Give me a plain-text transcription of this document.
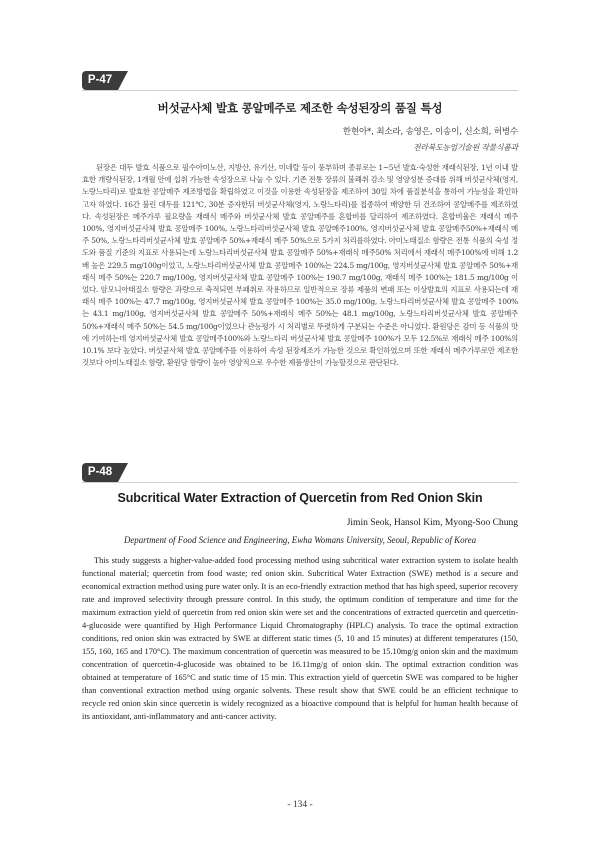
P-47
버섯균사체 발효 콩알메주로 제조한 속성된장의 품질 특성
한현아*, 최소라, 송영은, 이송이, 신소희, 허병수
전라북도농업기술원 작물식품과

된장은 대두 발효 식품으로 필수아미노산, 지방산, 유기산, 미네랄 등이 풍부하며 종류로는 1~5년 발효·숙성한 재래식된장, 1년 이내 발효한 개량식된장, 1개월 안에 섭취 가능한 속성장으로 나눌 수 있다. 기존 전통 장류의 불쾌취 감소 및 영양성분 증대를 위해 버섯균사체(영지, 노랑느타리)로 발효한 콩알메주 제조방법을 확립하였고 이것을 이용한 속성된장을 제조하여 30일 차에 품질분석을 통하여 가능성을 확인하고자 하였다. 16간 불린 대두를 121℃, 30분 증자한뒤 버섯균사체(영지, 노랑느타리)를 접종하여 배양한 뒤 건조하여 콩알메주를 제조하였다. 속성된장은 메주가루 필요량을 재래식 메주와 버섯균사체 발효 콩알메주를 혼합비를 달리하여 제조하였다. 혼합비율은 재래식 메주 100%, 영지버섯균사체 발효 콩알메주 100%, 노랑느타리버섯균사체 발효 콩알메주100%, 영지버섯균사체 발효 콩알메주50%+재래식 메주 50%, 노랑느타리버섯균사체 발효 콩알메주 50%+재래식 메주 50%으로 5가지 처리를하였다. 아미노태질소 함량은 전통 식품의 숙성 정도와 품질 기준의 지표로 사용되는데 노랑느타리버섯균사체 발효 콩알메주 50%+재래식 메주50% 처리에서 재래식 메주100%에 비해 1.2배 높은 229.5 mg/100g이었고, 노랑느타리버섯균사체 발효 콩알메주 100%는 224.5 mg/100g, 영지버섯균사체 발효 콩알메주 50%+재래식 메주 50%는 220.7 mg/100g, 영지버섯균사체 발효 콩알메주 100%는 190.7 mg/100g, 재래식 메주 100%는 181.5 mg/100g 이었다. 암모니아태질소 함량은 과량으로 축적되면 부패취로 작용하므로 일반적으로 장류 제품의 변패 또는 이상발효의 지표로 사용되는데 재래식 메주 100%는 47.7 mg/100g, 영지버섯균사체 발효 콩알메주 100%는 35.0 mg/100g, 노랑느타리버섯균사체 발효 콩알메주 100%는 43.1 mg/100g, 영지버섯균사체 발효 콩알메주 50%+재래식 메주 50%는 48.1 mg/100g, 노랑느타리버섯균사체 발효 콩알메주 50%+재래식 메주 50%는 54.5 mg/100g이었으나 관능평가 시 처리별로 뚜렷하게 구분되는 수준은 아니었다. 환원당은 감미 등 식품의 맛에 기여하는데 영지버섯균사체 발효 콩알메주100%와 노랑느타리 버섯균사체 발효 콩알메주 100%가 모두 12.5%로 재래식 메주 100%의 10.1% 보다 높았다. 버섯균사체 발효 콩알메주를 이용하여 속성 된장제조가 가능한 것으로 확인하였으며 또한 재래식 메주가루로만 제조한 것보다 아미노태질소 함량, 환원당 함량이 높아 영양적으로 우수한 제품생산이 가능할것으로 판단된다.

P-48
Subcritical Water Extraction of Quercetin from Red Onion Skin
Jimin Seok, Hansol Kim, Myong-Soo Chung
Department of Food Science and Engineering, Ewha Womans University, Seoul, Republic of Korea

This study suggests a higher-value-added food processing method using subcritical water extraction system to isolate health functional material; quercetin from food waste; red onion skin. Subcritical Water Extraction (SWE) method is a secure and economical extraction method using pure water only. It is an eco-friendly extraction method that has high speed, superior recovery rate and improved selectivity through pressure control. In this study, the optimum condition of temperature and time for the maximum extraction yield of quercetin from red onion skin were set and the concentrations of extracted quercetin and quercetin-4-glucoside were quantified by High Performance Liquid Chromatography (HPLC) analysis. To trace the optimal extraction conditions, red onion skin was extracted by SWE at different static times (5, 10 and 15 minutes) at different temperatures (150, 155, 160, 165 and 170°C). The maximum concentration of quercetin was measured to be 15.10mg/g onion skin and the maximum concentration of quercetin-4-glucoside was obtained to be 16.11mg/g of onion skin. The optimal extraction condition was obtained at temperature of 165°C and static time of 15 min. This extraction yield of quercetin SWE was compared to be higher than conventional extraction method using organic solvents. These result show that SWE could be an efficient technique to recycle red onion skin since quercetin is widely recognized as a bioactive compound that is helpful for human health because of its antioxidant, anti-inflammatory and anti-cancer activity.

- 134 -
